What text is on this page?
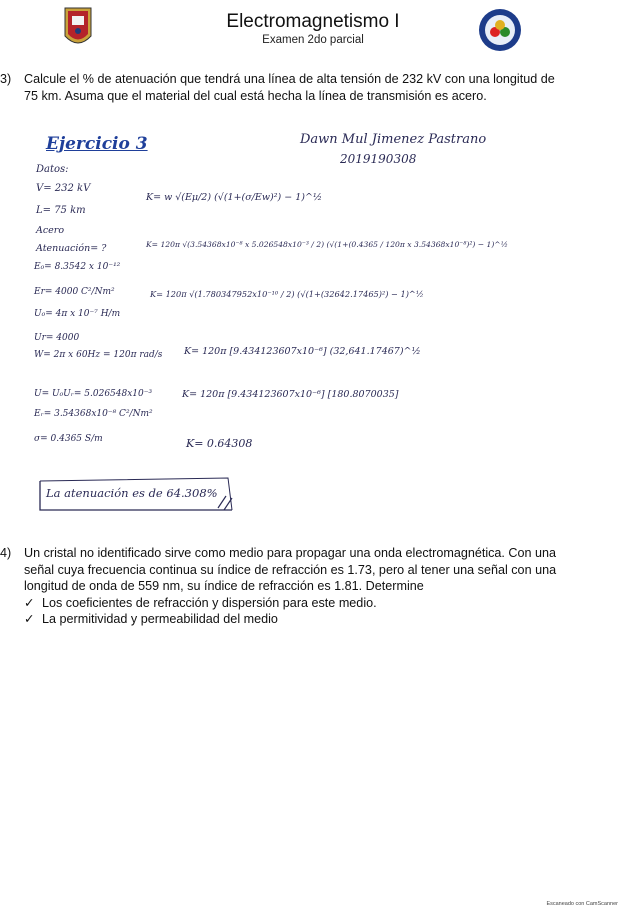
Electromagnetismo I
Examen 2do parcial
3) Calcule el % de atenuación que tendrá una línea de alta tensión de 232 kV con una longitud de
75 km. Asuma que el material del cual está hecha la línea de transmisión es acero.
Ejercicio 3	Dawn Mul Jimenez Pastrano
2019190308
Datos:
V= 232 kV
L= 75 km
Acero
Atenuación= ?
E₀= 8.3542 x 10⁻¹²
Er= 4000 C²/Nm²
U₀= 4π x 10⁻⁷ H/m
Ur= 4000
W= 2π x 60Hz = 120π rad/s
U= U₀Uᵣ= 5.026548x10⁻³
Eᵣ= 3.54368x10⁻⁸ C²/Nm²
σ= 0.4365 S/m
K= w √(Eμ/2) (√(1+(σ/Ew)²) − 1)^½
K= 120π √(3.54368x10⁻⁸ x 5.026548x10⁻³ / 2) (√(1+(0.4365 / 120π x 3.54368x10⁻⁸)²) − 1)^½
K= 120π √(1.780347952x10⁻¹⁰ / 2) (√(1+(32642.17465)²) − 1)^½
K= 120π [9.434123607x10⁻⁶] (32,641.17467)^½
K= 120π [9.434123607x10⁻⁶] [180.8070035]
K= 0.64308
La atenuación es de 64.308%
4) Un cristal no identificado sirve como medio para propagar una onda electromagnética. Con una
señal cuya frecuencia continua su índice de refracción es 1.73, pero al tener una señal con una
longitud de onda de 559 nm, su índice de refracción es 1.81. Determine
✓ Los coeficientes de refracción y dispersión para este medio.
✓ La permitividad y permeabilidad del medio
Escaneado con CamScanner
